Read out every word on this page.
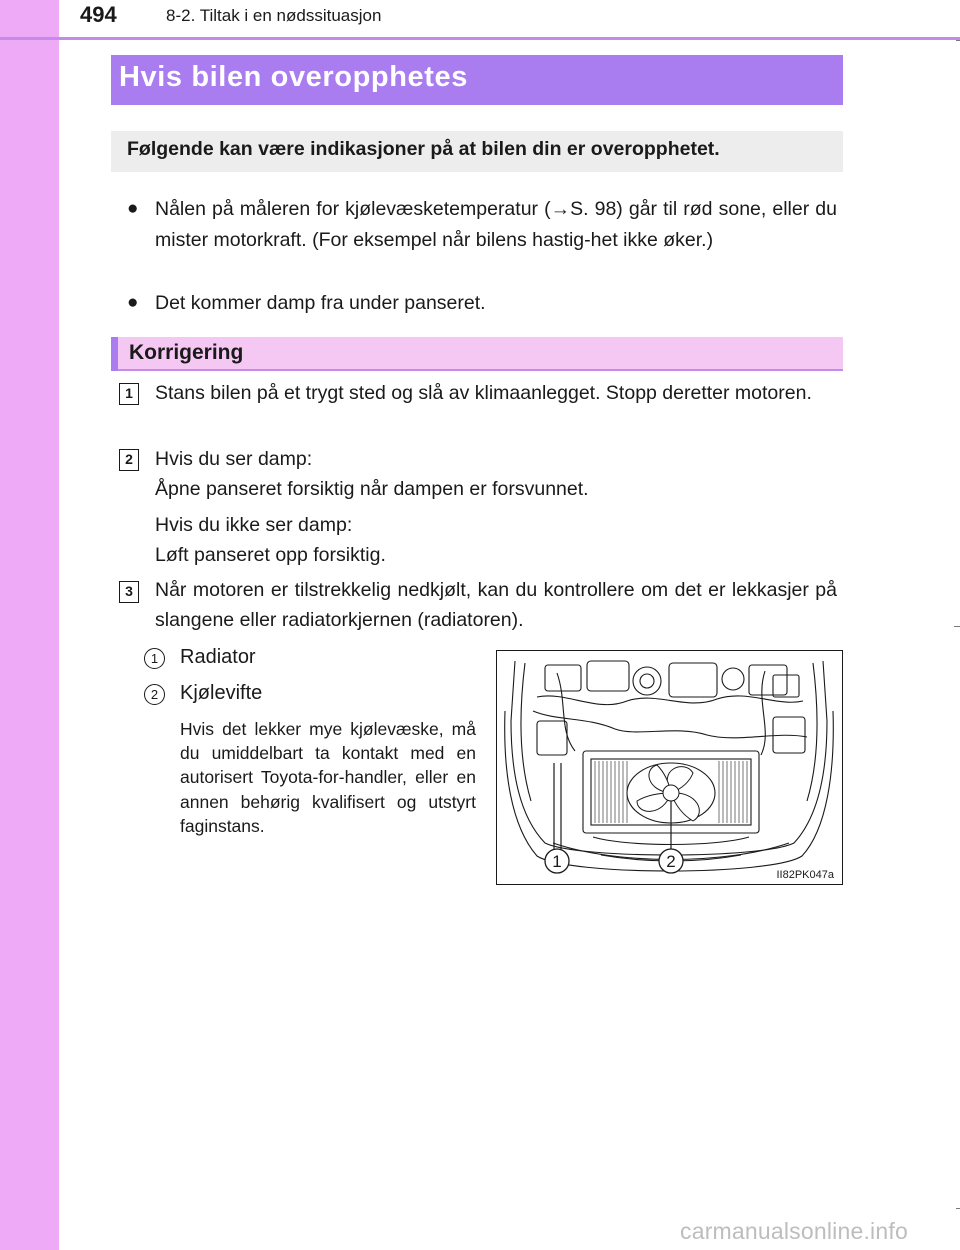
494	8-2. Tiltak i en nødssituasjon
Hvis bilen overopphetes
Følgende kan være indikasjoner på at bilen din er overopphetet.
● Nålen på måleren for kjølevæsketemperatur (→S. 98) går til rød sone, eller du mister motorkraft. (For eksempel når bilens hastig-het ikke øker.)
● Det kommer damp fra under panseret.
Korrigering
1	Stans bilen på et trygt sted og slå av klimaanlegget. Stopp deretter motoren.
2	Hvis du ser damp:
Åpne panseret forsiktig når dampen er forsvunnet.
Hvis du ikke ser damp:
Løft panseret opp forsiktig.
3	Når motoren er tilstrekkelig nedkjølt, kan du kontrollere om det er lekkasjer på slangene eller radiatorkjernen (radiatoren).
1	Radiator
2	Kjølevifte
Hvis det lekker mye kjølevæske, må du umiddelbart ta kontakt med en autorisert Toyota-for-handler, eller en annen behørig kvalifisert og utstyrt faginstans.
1	2
II82PK047a
carmanualsonline.info
